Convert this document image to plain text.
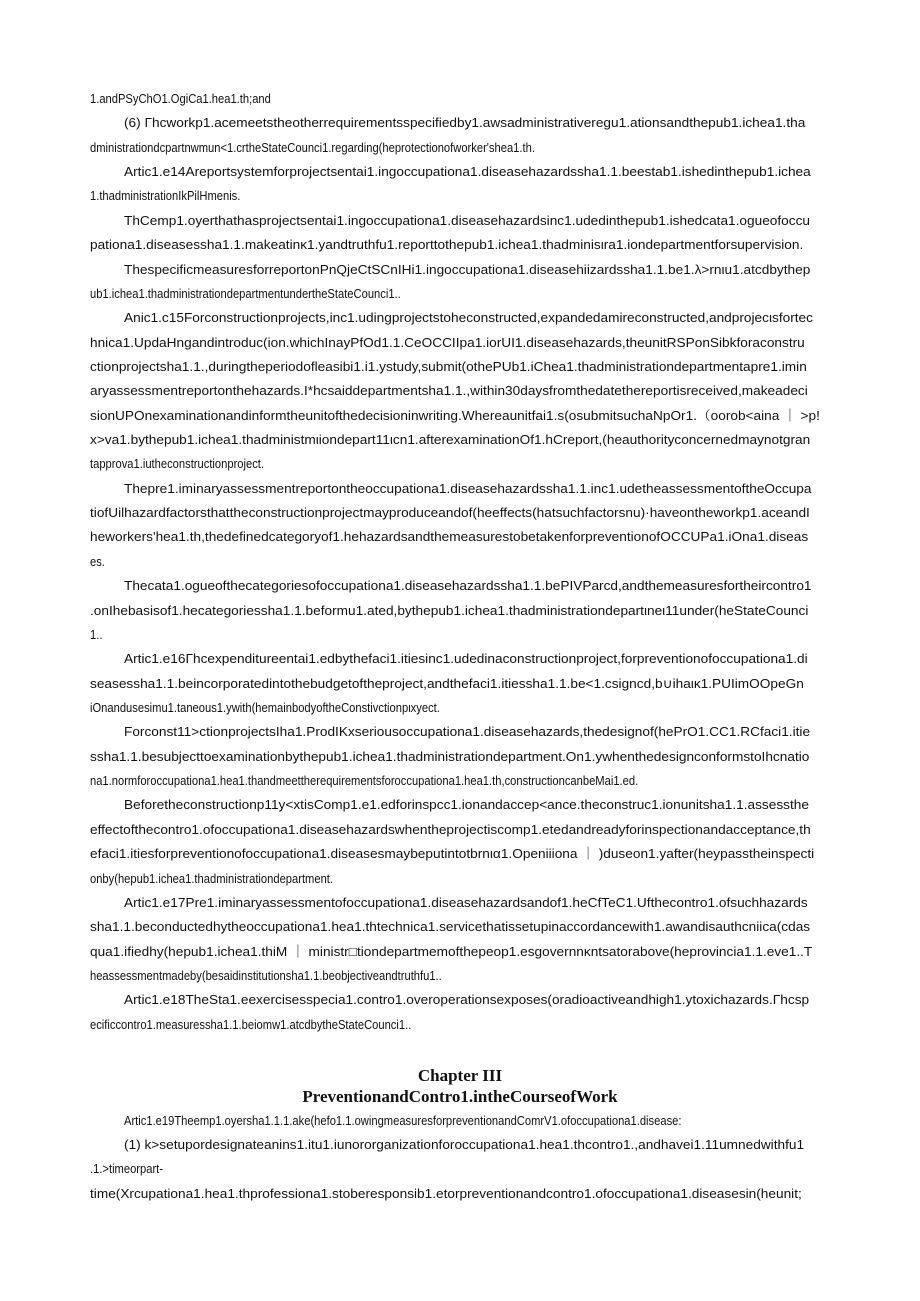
1.andPSyChO1.OgiCa1.hea1.th;and
(6) Γhcworkp1.acemeetstheotherrequirementsspecifiedby1.awsadministrativeregu1.ationsandthepub1.ichea1.tha
dministrationdcpartnwmun<1.crtheStateCounci1.regarding(heprotectionofworker'shea1.th.
Artic1.e14Areportsystemforprojectsentai1.ingoccupationa1.diseasehazardssha1.1.beestab1.ishedinthepub1.ichea
1.thadministrationIkPilHmenis.
ThCemp1.oyerthathasprojectsentai1.ingoccupationa1.diseasehazardsinc1.udedinthepub1.ishedcata1.ogueofoccu
pationa1.diseasessha1.1.makeatinκ1.yandtruthfu1.reporttothepub1.ichea1.thadminisιra1.iondepartmentforsupervision.
ThespecificmeasuresforreportonPnQjeCtSCnIHi1.ingoccupationa1.diseasehiizardssha1.1.be1.λ>rnιu1.atcdbythep
ub1.ichea1.thadministrationdepartmentundertheStateCounci1..
Anic1.c15Forconstructionprojects,inc1.udingprojectstoheconstructed,expandedamireconstructed,andprojecιsfortec
hnica1.UpdaHngandintroduc(ion.whichInayPfOd1.1.CeOCCIIpa1.iorUI1.diseasehazards,theunitRSPonSibkforaconstru
ctionprojectsha1.1.,duringtheperiodofleasibi1.i1.ystudy,submit(othePUb1.iChea1.thadministrationdepartmentapre1.imin
aryassessmentreportonthehazards.I*hcsaiddepartmentsha1.1.,within30daysfromthedatethereportisreceived,makeadeci
sionUPOnexaminationandinformtheunitofthedecisioninwriting.Whereaunitfai1.s(osubmitsuchaNpOr1.（oorob<aina ｜ >p!
x>va1.bythepub1.ichea1.thadministmιiondepart11ιcn1.afterexaminationOf1.hCreport,(heauthorityconcernedmaynotgran
tapprova1.iutheconstructionproject.
Thepre1.iminaryassessmentreportontheoccupationa1.diseasehazardssha1.1.inc1.udetheassessmentoftheOccupa
tiofUilhazardfactorsthattheconstructionprojectmayproduceandof(heeffects(hatsuchfactorsnu)·haveontheworkp1.aceandI
heworkers'hea1.th,thedefinedcategoryof1.hehazardsandthemeasurestobetakenforpreventionofOCCUPa1.iOna1.diseas
es.
Thecata1.ogueofthecategoriesofoccupationa1.diseasehazardssha1.1.bePIVParcd,andthemeasuresfortheircontro1
.onIhebasisof1.hecategoriessha1.1.beformu1.ated,bythepub1.ichea1.thadministrationdepartιneι11under(heStateCounci
1..
Artic1.e16Γhcexpenditureentai1.edbythefaci1.itiesinc1.udedinaconstructionproject,forpreventionofoccupationa1.di
seasessha1.1.beincorporatedintothebudgetoftheproject,andthefaci1.itiessha1.1.be<1.csigncd,b∪ihaικ1.PUIimOOpeGn
iOnandusesimu1.taneous1.ywith(hemainbodyoftheConstivctionpιxyect.
Forconst11>ctionprojectsIha1.ProdIKxseriousoccupationa1.diseasehazards,thedesignof(hePrO1.CC1.RCfaci1.itie
ssha1.1.besubjecttoexaminationbythepub1.ichea1.thadministrationdepartment.On1.ywhenthedesignconformstoIhcnatio
na1.normforoccupationa1.hea1.thandmeettherequirementsforoccupationa1.hea1.th,constructioncanbeMai1.ed.
Beforetheconstructionp11y<xtisComp1.e1.edforinspcc1.ionandaccep<ance.theconstruc1.ionunitsha1.1.assessthe
effectofthecontro1.ofoccupationa1.diseasehazardswhentheprojectiscomp1.etedandreadyforinspectionandacceptance,th
efaci1.itiesforpreventionofoccupationa1.diseasesmaybeputintotbrnια1.Openiiiona ｜ )duseon1.yafter(heypasstheinspecti
onby(hepub1.ichea1.thadministrationdepartment.
Artic1.e17Pre1.iminaryassessmentofoccupationa1.diseasehazardsandof1.heCfTeC1.Ufthecontro1.ofsuchhazards
sha1.1.beconductedhytheoccupationa1.hea1.thtechnica1.servicethatissetupinaccordancewith1.awandisauthcniica(cdas
qua1.ifiedhy(hepub1.ichea1.thiM ｜ ministr□tiondepartmemofthepeop1.esgovernnκntsatorabove(heprovincia1.1.eve1..T
heassessmentmadeby(besaidinstitutionsha1.1.beobjectiveandtruthfu1..
Artic1.e18TheSta1.eexercisesspecia1.contro1.overoperationsexposes(oradioactiveandhigh1.ytoxichazards.Γhcsp
ecificcontro1.measuressha1.1.beiomw1.atcdbytheStateCounci1..
Chapter III
PreventionandContro1.intheCourseofWork
Artic1.e19Theemp1.oyersha1.1.1.ake(hefo1.1.owingmeasuresforpreventionandComrV1.ofoccupationa1.disease:
(1) k>setupordesignateanins1.itu1.iunororganizationforoccupationa1.hea1.thcontro1.,andhavei1.11umnedwithfu1
.1.>timeorpart-
time(Xrcupationa1.hea1.thprofessiona1.stoberesponsib1.etorpreventionandcontro1.ofoccupationa1.diseasesin(heunit;
